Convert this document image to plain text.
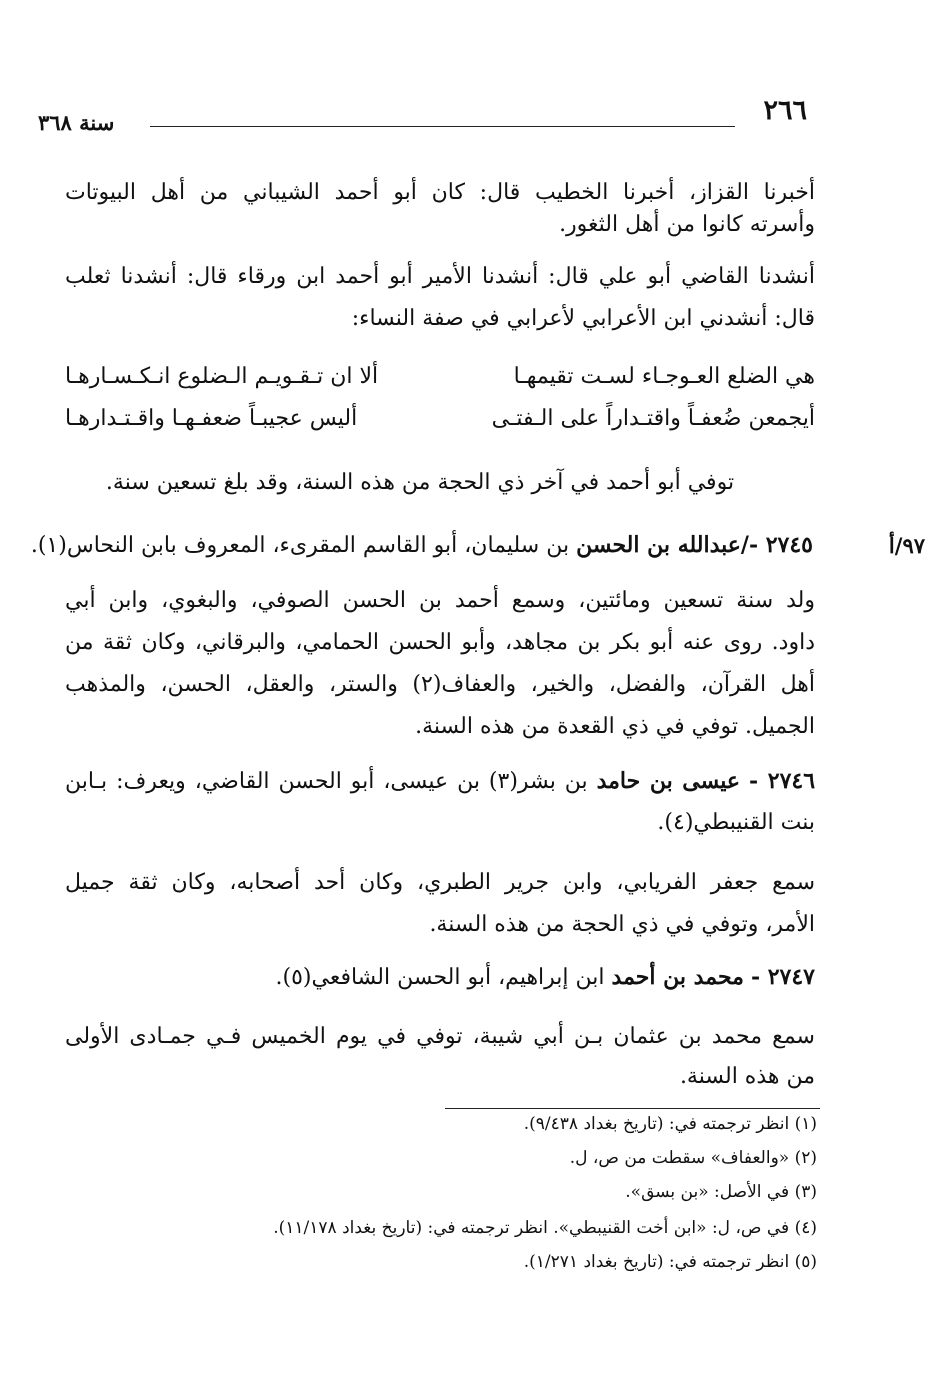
٢٦٦
سنة ٣٦٨
أخبرنا القزاز، أخبرنا الخطيب قال: كان أبو أحمد الشيباني من أهل البيوتات
وأسرته كانوا من أهل الثغور.
أنشدنا القاضي أبو علي قال: أنشدنا الأمير أبو أحمد ابن ورقاء قال: أنشدنا ثعلب
قال: أنشدني ابن الأعرابي لأعرابي في صفة النساء:
هي الضلع العـوجـاء لسـت تقيمهـا
ألا ان تـقـويـم الـضلوع انـكـسـارهـا
أيجمعن ضُعفـاً واقتـداراً على الـفتـى
أليس عجيبـاً ضعفـهـا واقـتـدارهـا
توفي أبو أحمد في آخر ذي الحجة من هذه السنة، وقد بلغ تسعين سنة.
٩٧/أ
٢٧٤٥ -/عبدالله بن الحسن بن سليمان، أبو القاسم المقرىء، المعروف بابن النحاس(١).
ولد سنة تسعين ومائتين، وسمع أحمد بن الحسن الصوفي، والبغوي، وابن أبي
داود. روى عنه أبو بكر بن مجاهد، وأبو الحسن الحمامي، والبرقاني، وكان ثقة من
أهل القرآن، والفضل، والخير، والعفاف(٢) والستر، والعقل، الحسن، والمذهب
الجميل. توفي في ذي القعدة من هذه السنة.
٢٧٤٦ - عيسى بن حامد بن بشر(٣) بن عيسى، أبو الحسن القاضي، ويعرف: بـابن
بنت القنيبطي(٤).
سمع جعفر الفريابي، وابن جرير الطبري، وكان أحد أصحابه، وكان ثقة جميل
الأمر، وتوفي في ذي الحجة من هذه السنة.
٢٧٤٧ - محمد بن أحمد ابن إبراهيم، أبو الحسن الشافعي(٥).
سمع محمد بن عثمان بـن أبي شيبة، توفي في يوم الخميس فـي جمـادى الأولى
من هذه السنة.
(١) انظر ترجمته في: (تاريخ بغداد ٩/٤٣٨).
(٢) «والعفاف» سقطت من ص، ل.
(٣) في الأصل: «بن بسق».
(٤) في ص، ل: «ابن أخت القنيبطي». انظر ترجمته في: (تاريخ بغداد ١١/١٧٨).
(٥) انظر ترجمته في: (تاريخ بغداد ١/٢٧١).
